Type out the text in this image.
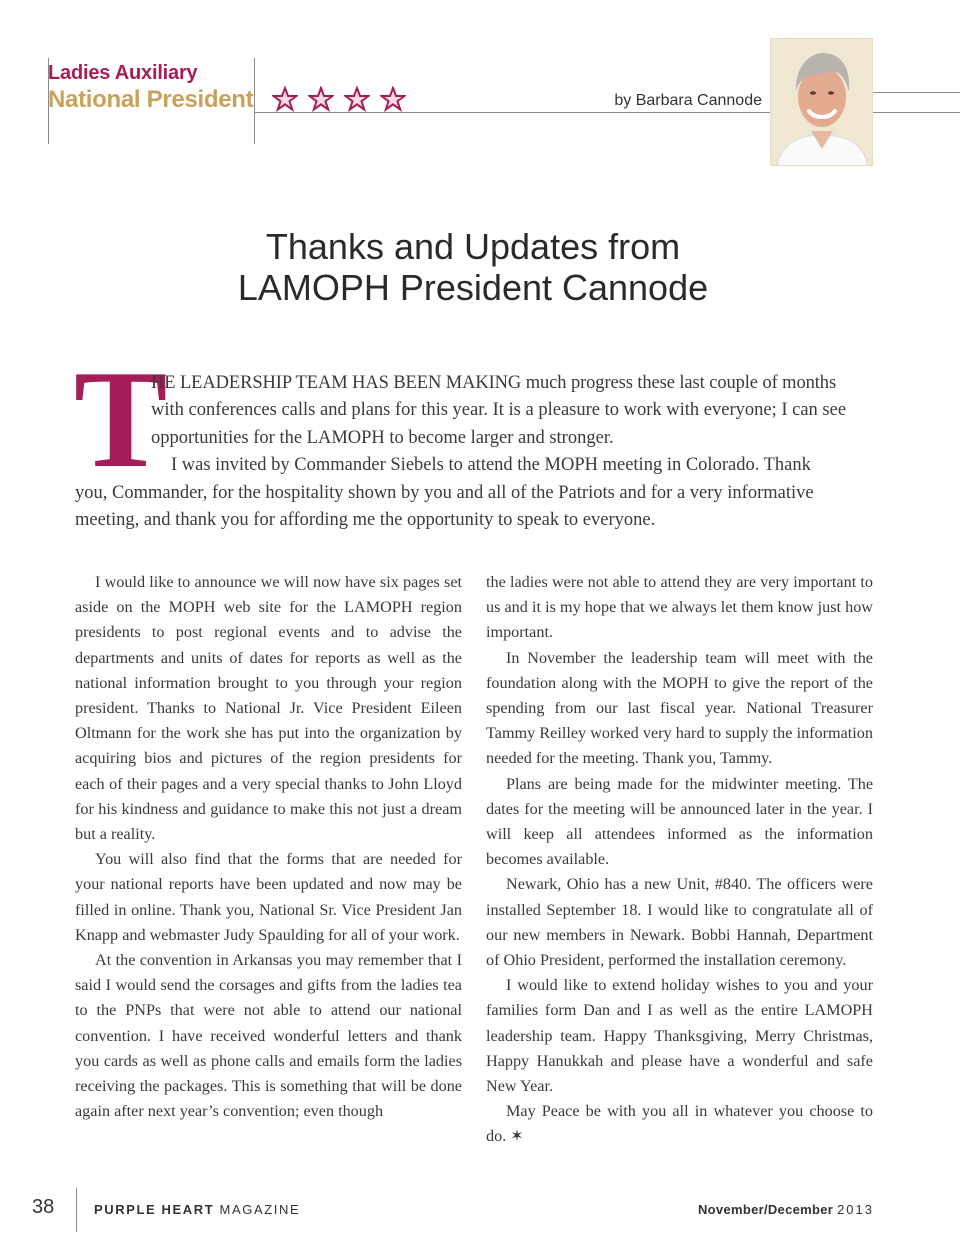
Ladies Auxiliary
National President	by Barbara Cannode
Thanks and Updates from
LAMOPH President Cannode
T
HE LEADERSHIP TEAM HAS BEEN MAKING much progress these last couple of months
with conferences calls and plans for this year. It is a pleasure to work with everyone; I can see
opportunities for the LAMOPH to become larger and stronger.
I was invited by Commander Siebels to attend the MOPH meeting in Colorado. Thank
you, Commander, for the hospitality shown by you and all of the Patriots and for a very informative
meeting, and thank you for affording me the opportunity to speak to everyone.

I would like to announce we will now have six pages set aside on the MOPH web site for the LAMOPH region presidents to post regional events and to advise the departments and units of dates for reports as well as the national information brought to you through your region president. Thanks to National Jr. Vice President Eileen Oltmann for the work she has put into the organization by acquiring bios and pictures of the region presidents for each of their pages and a very special thanks to John Lloyd for his kindness and guidance to make this not just a dream but a reality.

You will also find that the forms that are needed for your national reports have been updated and now may be filled in online. Thank you, National Sr. Vice President Jan Knapp and webmaster Judy Spaulding for all of your work.

At the convention in Arkansas you may remember that I said I would send the corsages and gifts from the ladies tea to the PNPs that were not able to attend our national convention. I have received wonderful letters and thank you cards as well as phone calls and emails form the ladies receiving the packages. This is something that will be done again after next year’s convention; even though

the ladies were not able to attend they are very important to us and it is my hope that we always let them know just how important.

In November the leadership team will meet with the foundation along with the MOPH to give the report of the spending from our last fiscal year. National Treasurer Tammy Reilley worked very hard to supply the information needed for the meeting. Thank you, Tammy.

Plans are being made for the midwinter meeting. The dates for the meeting will be announced later in the year. I will keep all attendees informed as the information becomes available.

Newark, Ohio has a new Unit, #840. The officers were installed September 18. I would like to congratulate all of our new members in Newark. Bobbi Hannah, Department of Ohio President, performed the installation ceremony.

I would like to extend holiday wishes to you and your families form Dan and I as well as the entire LAMOPH leadership team. Happy Thanksgiving, Merry Christmas, Happy Hanukkah and please have a wonderful and safe New Year.

May Peace be with you all in whatever you choose to do. ✶

38	PURPLE HEART MAGAZINE	November/December 2013
